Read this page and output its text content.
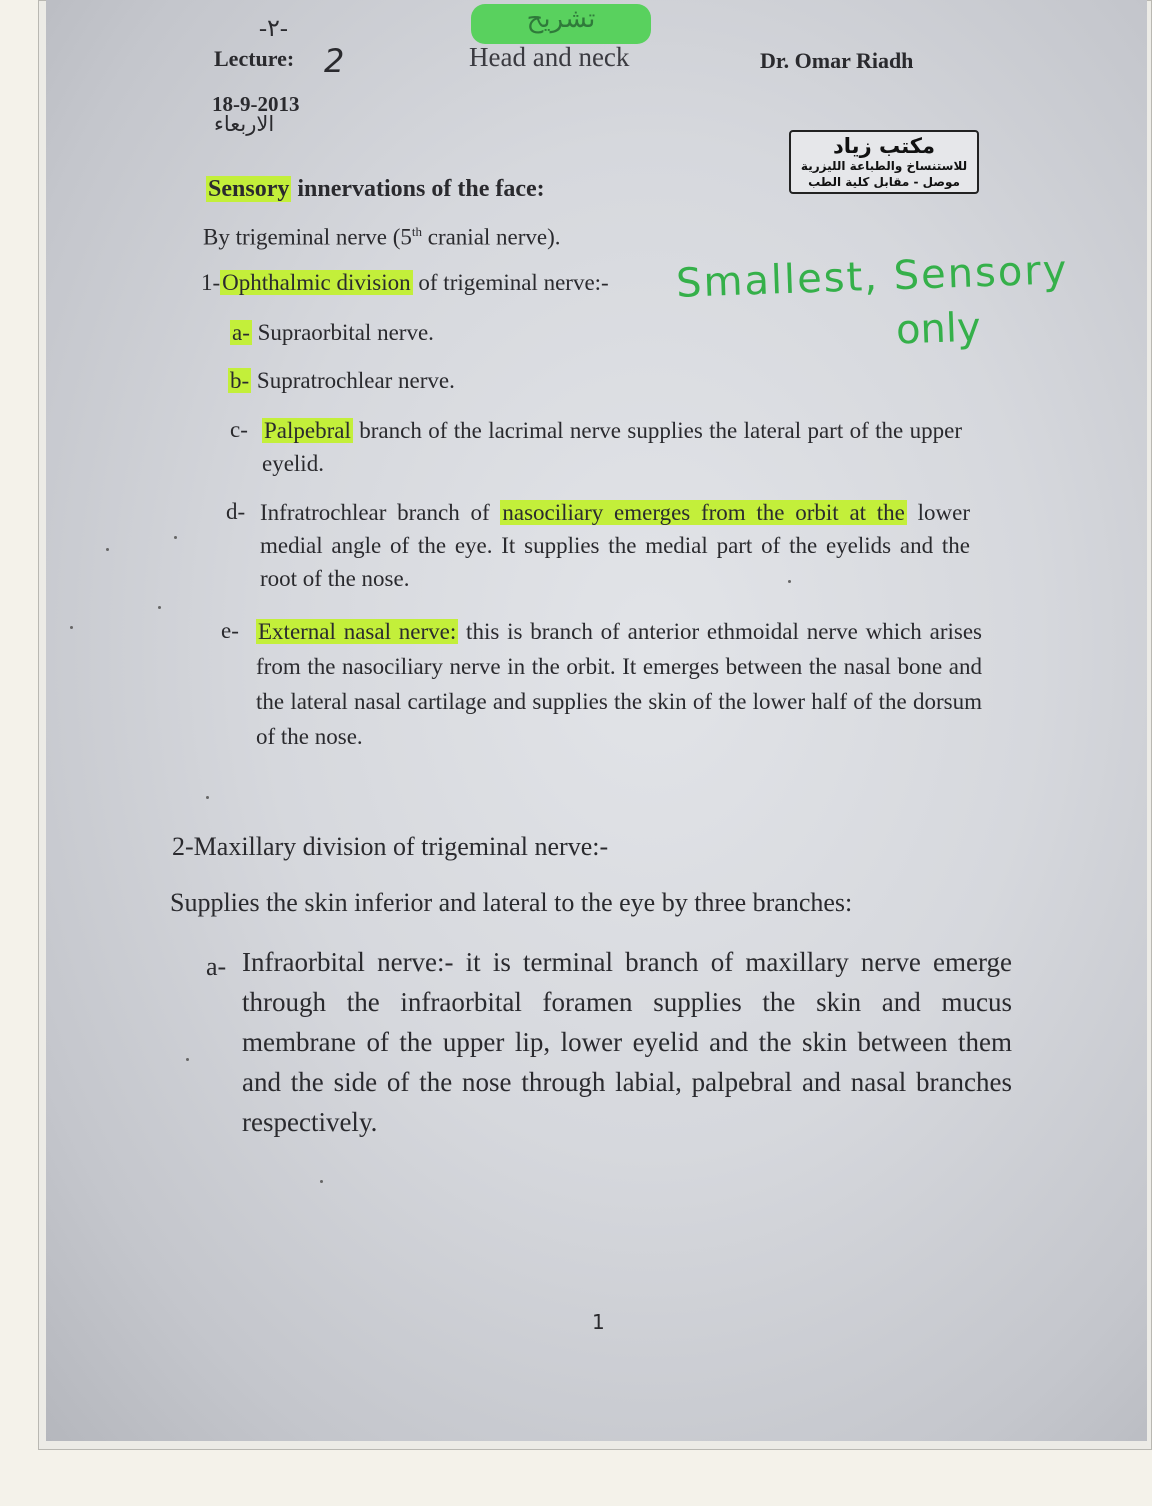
-٢-
Lecture: 2
تشريح
Head and neck	Dr. Omar Riadh
18-9-2013
الاربعاء
مكتب زياد
للاستنساخ والطباعة الليزرية
موصل - مقابل كلية الطب
Sensory innervations of the face:
By trigeminal nerve (5th cranial nerve).
1-Ophthalmic division of trigeminal nerve:- Smallest, Sensory
only
a- Supraorbital nerve.
b- Supratrochlear nerve.
c- Palpebral branch of the lacrimal nerve supplies the lateral part of the upper eyelid.

d- Infratrochlear branch of nasociliary emerges from the orbit at the lower medial angle of the eye. It supplies the medial part of the eyelids and the root of the nose.

e- External nasal nerve: this is branch of anterior ethmoidal nerve which arises from the nasociliary nerve in the orbit. It emerges between the nasal bone and the lateral nasal cartilage and supplies the skin of the lower half of the dorsum of the nose.

2-Maxillary division of trigeminal nerve:-
Supplies the skin inferior and lateral to the eye by three branches:
a- Infraorbital nerve:- it is terminal branch of maxillary nerve emerge through the infraorbital foramen supplies the skin and mucus membrane of the upper lip, lower eyelid and the skin between them and the side of the nose through labial, palpebral and nasal branches respectively.

1
